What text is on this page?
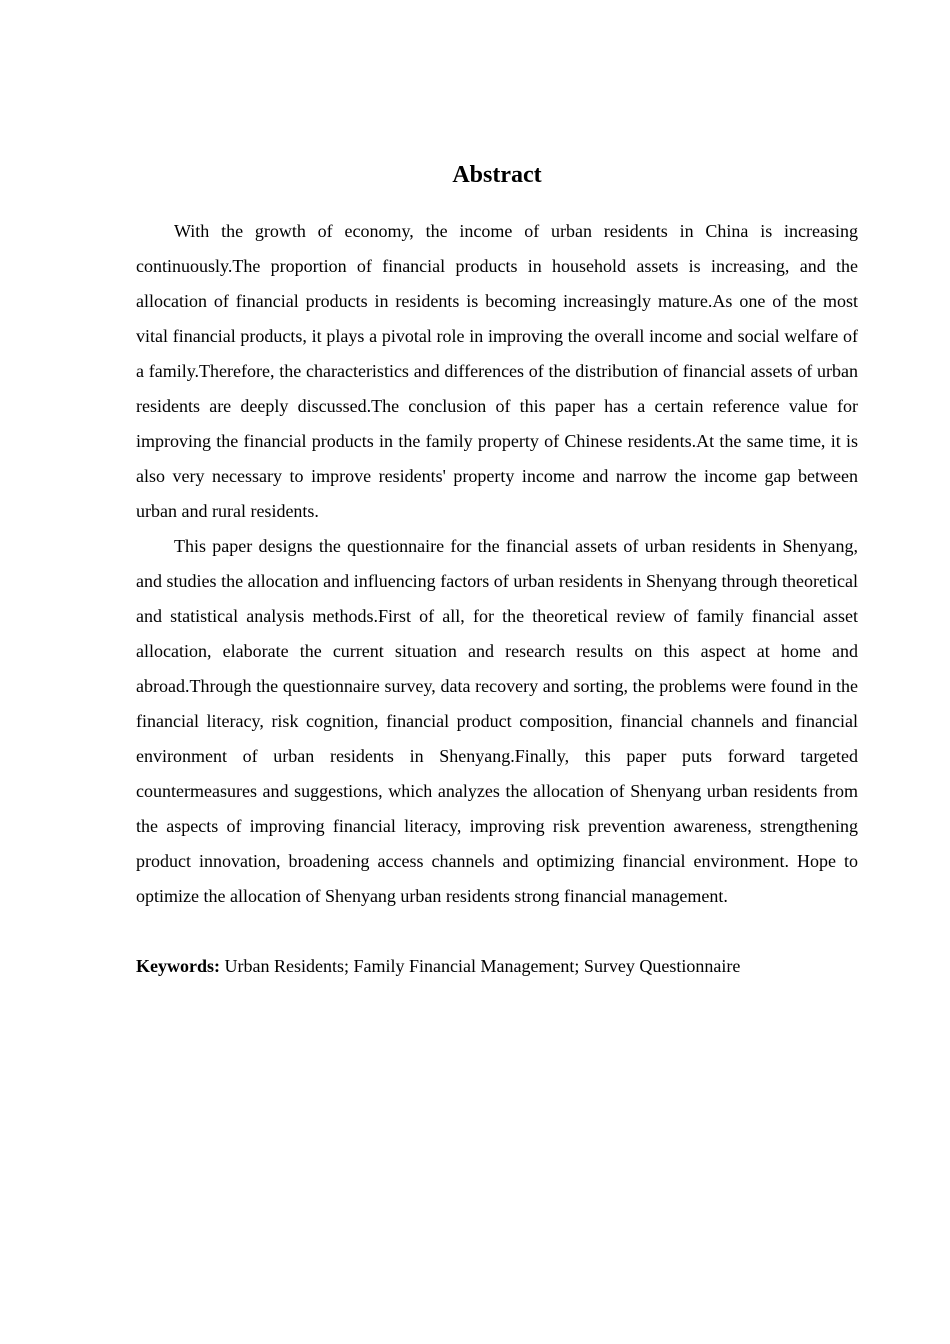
Abstract

With the growth of economy, the income of urban residents in China is increasing continuously.The proportion of financial products in household assets is increasing, and the allocation of financial products in residents is becoming increasingly mature.As one of the most vital financial products, it plays a pivotal role in improving the overall income and social welfare of a family.Therefore, the characteristics and differences of the distribution of financial assets of urban residents are deeply discussed.The conclusion of this paper has a certain reference value for improving the financial products in the family property of Chinese residents.At the same time, it is also very necessary to improve residents' property income and narrow the income gap between urban and rural residents.

This paper designs the questionnaire for the financial assets of urban residents in Shenyang, and studies the allocation and influencing factors of urban residents in Shenyang through theoretical and statistical analysis methods.First of all, for the theoretical review of family financial asset allocation, elaborate the current situation and research results on this aspect at home and abroad.Through the questionnaire survey, data recovery and sorting, the problems were found in the financial literacy, risk cognition, financial product composition, financial channels and financial environment of urban residents in Shenyang.Finally, this paper puts forward targeted countermeasures and suggestions, which analyzes the allocation of Shenyang urban residents from the aspects of improving financial literacy, improving risk prevention awareness, strengthening product innovation, broadening access channels and optimizing financial environment. Hope to optimize the allocation of Shenyang urban residents strong financial management.

Keywords: Urban Residents; Family Financial Management; Survey Questionnaire
